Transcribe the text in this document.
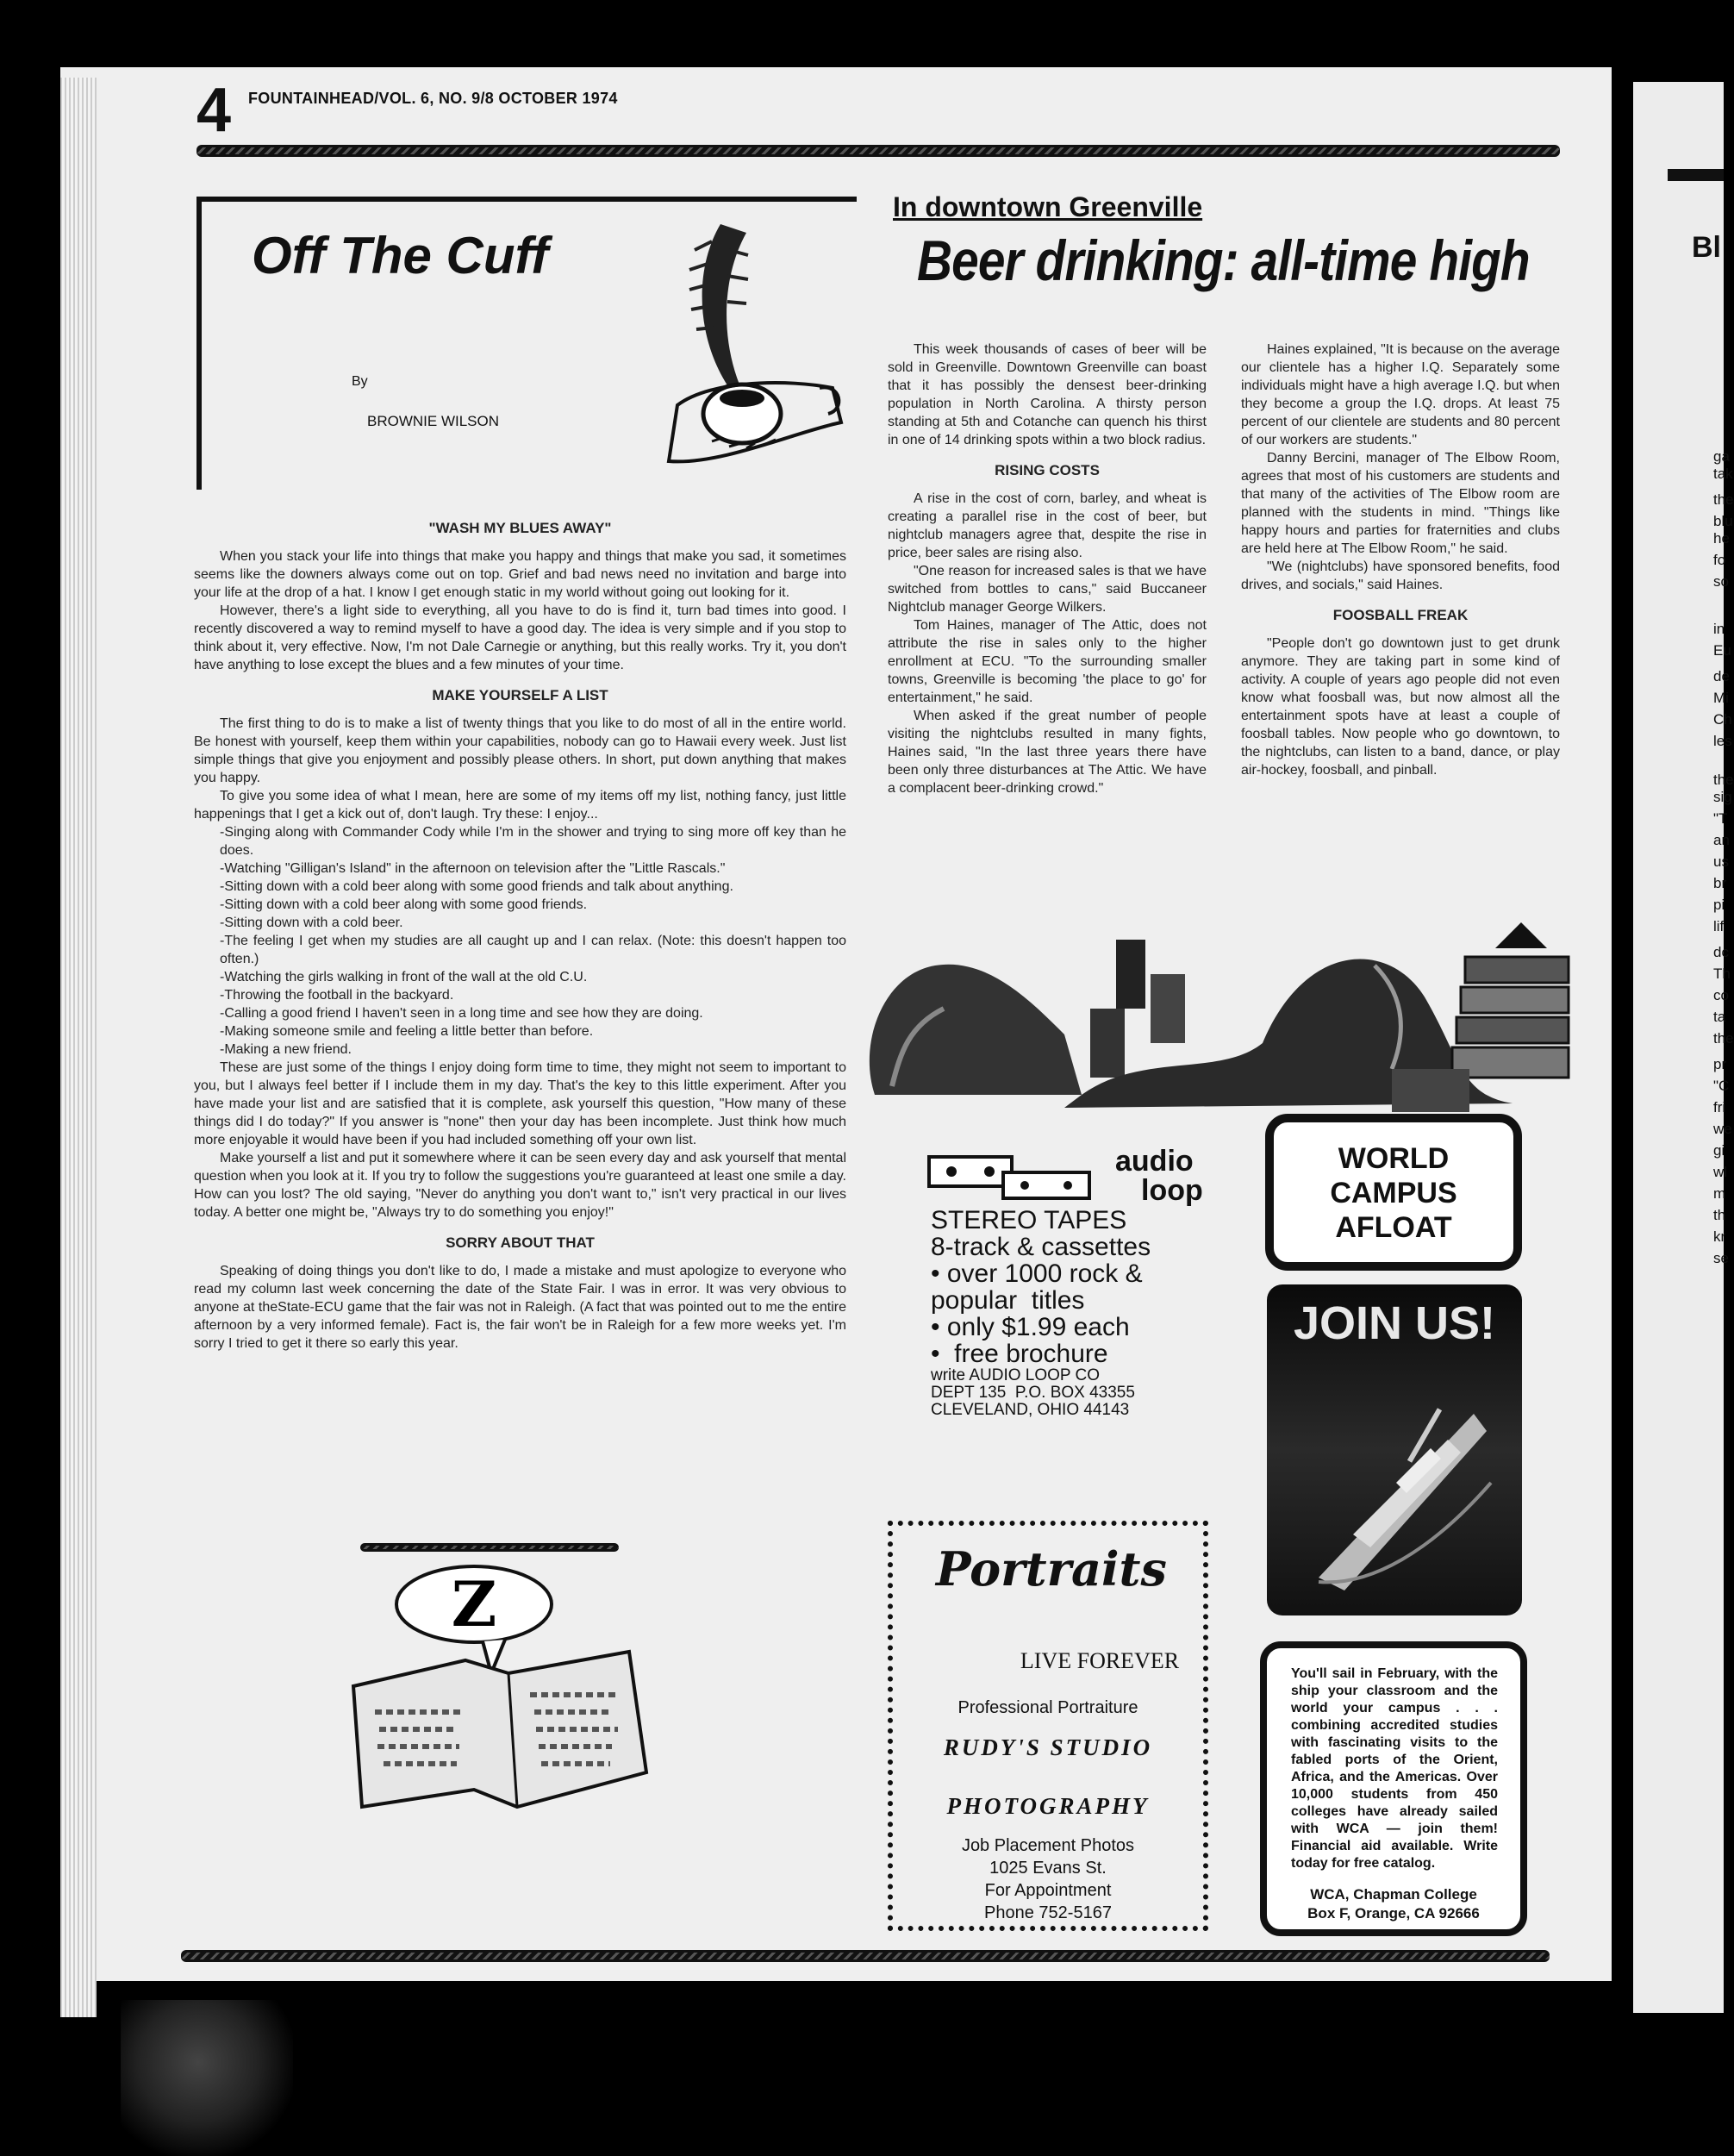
Bl
ga
tak
the
blu
he
fo
so
in
Eu
de
Mi
Ch
les
the
sig
"T
an
us
br
pi
lif
dc
Th
co
ta
the
pr
"C
fri
we
gi
wl
m
th
kr
se
4 FOUNTAINHEAD/VOL. 6, NO. 9/8 OCTOBER 1974
Off The Cuff
By
BROWNIE WILSON
"WASH MY BLUES AWAY"

When you stack your life into things that make you happy and things that make you sad, it sometimes seems like the downers always come out on top. Grief and bad news need no invitation and barge into your life at the drop of a hat. I know I get enough static in my world without going out looking for it.

However, there's a light side to everything, all you have to do is find it, turn bad times into good. I recently discovered a way to remind myself to have a good day. The idea is very simple and if you stop to think about it, very effective. Now, I'm not Dale Carnegie or anything, but this really works. Try it, you don't have anything to lose except the blues and a few minutes of your time.

MAKE YOURSELF A LIST

The first thing to do is to make a list of twenty things that you like to do most of all in the entire world. Be honest with yourself, keep them within your capabilities, nobody can go to Hawaii every week. Just list simple things that give you enjoyment and possibly please others. In short, put down anything that makes you happy.

To give you some idea of what I mean, here are some of my items off my list, nothing fancy, just little happenings that I get a kick out of, don't laugh. Try these: I enjoy...

-Singing along with Commander Cody while I'm in the shower and trying to sing more off key than he does.

-Watching "Gilligan's Island" in the afternoon on television after the "Little Rascals."

-Sitting down with a cold beer along with some good friends and talk about anything.

-Sitting down with a cold beer along with some good friends.

-Sitting down with a cold beer.

-The feeling I get when my studies are all caught up and I can relax. (Note: this doesn't happen too often.)

-Watching the girls walking in front of the wall at the old C.U.

-Throwing the football in the backyard.

-Calling a good friend I haven't seen in a long time and see how they are doing.

-Making someone smile and feeling a little better than before.

-Making a new friend.

These are just some of the things I enjoy doing form time to time, they might not seem to important to you, but I always feel better if I include them in my day. That's the key to this little experiment. After you have made your list and are satisfied that it is complete, ask yourself this question, "How many of these things did I do today?" If you answer is "none" then your day has been incomplete. Just think how much more enjoyable it would have been if you had included something off your own list.

Make yourself a list and put it somewhere where it can be seen every day and ask yourself that mental question when you look at it. If you try to follow the suggestions you're guaranteed at least one smile a day. How can you lost? The old saying, "Never do anything you don't want to," isn't very practical in our lives today. A better one might be, "Always try to do something you enjoy!"

SORRY ABOUT THAT

Speaking of doing things you don't like to do, I made a mistake and must apologize to everyone who read my column last week concerning the date of the State Fair. I was in error. It was very obvious to anyone at theState-ECU game that the fair was not in Raleigh. (A fact that was pointed out to me the entire afternoon by a very informed female). Fact is, the fair won't be in Raleigh for a few more weeks yet. I'm sorry I tried to get it there so early this year.

Z
In downtown Greenville
Beer drinking: all-time high

This week thousands of cases of beer will be sold in Greenville. Downtown Greenville can boast that it has possibly the densest beer-drinking population in North Carolina. A thirsty person standing at 5th and Cotanche can quench his thirst in one of 14 drinking spots within a two block radius.

RISING COSTS

A rise in the cost of corn, barley, and wheat is creating a parallel rise in the cost of beer, but nightclub managers agree that, despite the rise in price, beer sales are rising also.

"One reason for increased sales is that we have switched from bottles to cans," said Buccaneer Nightclub manager George Wilkers.

Tom Haines, manager of The Attic, does not attribute the rise in sales only to the higher enrollment at ECU. "To the surrounding smaller towns, Greenville is becoming 'the place to go' for entertainment," he said.

When asked if the great number of people visiting the nightclubs resulted in many fights, Haines said, "In the last three years there have been only three disturbances at The Attic. We have a complacent beer-drinking crowd."

Haines explained, "It is because on the average our clientele has a higher I.Q. Separately some individuals might have a high average I.Q. but when they become a group the I.Q. drops. At least 75 percent of our clientele are students and 80 percent of our workers are students."

Danny Bercini, manager of The Elbow Room, agrees that most of his customers are students and that many of the activities of The Elbow room are planned with the students in mind. "Things like happy hours and parties for fraternities and clubs are held here at The Elbow Room," he said.

"We (nightclubs) have sponsored benefits, food drives, and socials," said Haines.

FOOSBALL FREAK

"People don't go downtown just to get drunk anymore. They are taking part in some kind of activity. A couple of years ago people did not even know what foosball was, but now almost all the entertainment spots have at least a couple of foosball tables. Now people who go downtown, to the nightclubs, can listen to a band, dance, or play air-hockey, foosball, and pinball.

audio
loop
STEREO TAPES
8-track & cassettes
• over 1000 rock &
popular  titles
• only $1.99 each
•  free brochure
write AUDIO LOOP CO
DEPT 135  P.O. BOX 43355
CLEVELAND, OHIO 44143
Portraits
LIVE FOREVER
Professional Portraiture
RUDY'S STUDIO
PHOTOGRAPHY
Job Placement Photos
1025 Evans St.
For Appointment
Phone 752-5167
WORLD
CAMPUS
AFLOAT
JOIN US!
You'll sail in February, with the ship your classroom and the world your campus . . . combining accredited studies with fascinating visits to the fabled ports of the Orient, Africa, and the Americas. Over 10,000 students from 450 colleges have already sailed with WCA — join them! Financial aid available. Write today for free catalog.
WCA, Chapman College
Box F, Orange, CA 92666
